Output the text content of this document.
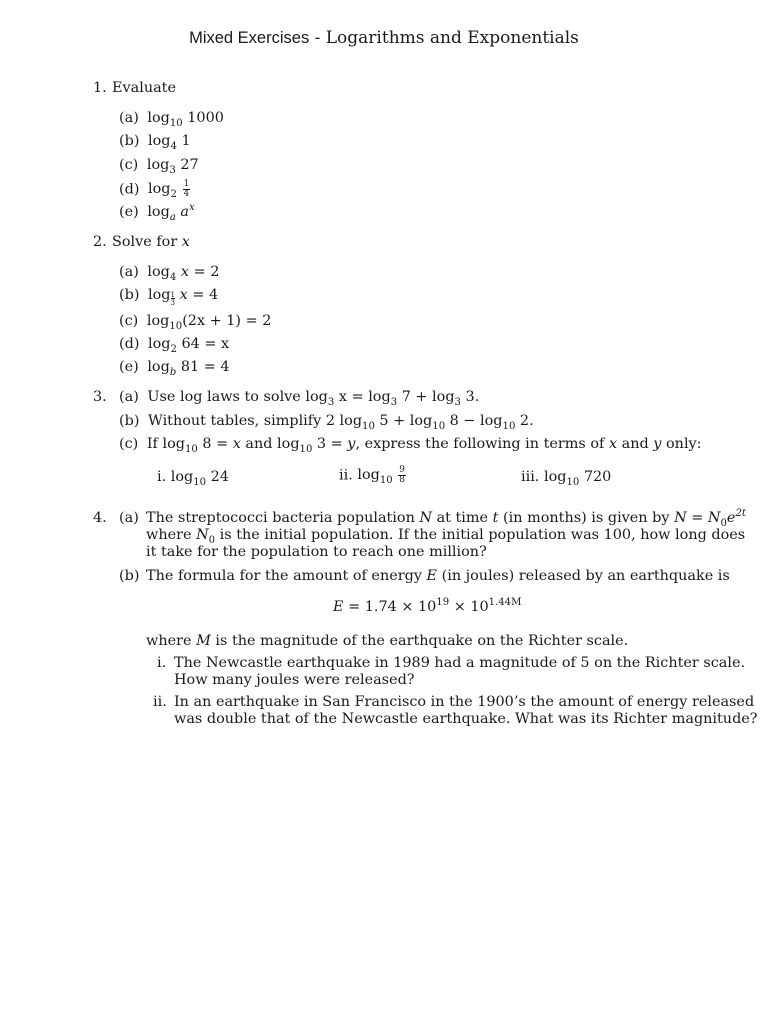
Mixed Exercises - Logarithms and Exponentials
1. Evaluate
(a) $\log_{10} 1000$
(b) $\log_4 1$
(c) $\log_3 27$
(d) $\log_2 \frac{1}{4}$
(e) $\log_a a^x$
2. Solve for x
(a) $\log_4 x = 2$
(b) $\log \frac{1}{3}$ x = 4
(c) $\log_{10}(2x + 1) = 2$
(d) $\log_2 64 = x$
(e) $\log_b 81 = 4$
3. (a) Use log laws to solve $\log_3 x = \log_3 7 + \log_3 3$.
(b) Without tables, simplify 2 $\log_{10} 5 + \log_{10} 8 - \log_{10} 2$.
(c) If $\log_{10} 8 = x$ and $\log_{10} 3 = y$, express the following in terms of x and y only:
i. $\log_{10} 24$	ii. $\log_{10} \frac{9}{8}$	iii. $\log_{10} 720$
4. (a) The streptococci bacteria population N at time t (in months) is given by $N = N_0e^{2t}$
where $N_0$ is the initial population. If the initial population was 100, how long does
it take for the population to reach one million?
(b) The formula for the amount of energy E (in joules) released by an earthquake is
$E = 1.74 \times 10^{19} \times 10^{1.44M}$
where M is the magnitude of the earthquake on the Richter scale.
i. The Newcastle earthquake in 1989 had a magnitude of 5 on the Richter scale.
How many joules were released?
ii. In an earthquake in San Francisco in the 1900’s the amount of energy released
was double that of the Newcastle earthquake. What was its Richter magnitude?
